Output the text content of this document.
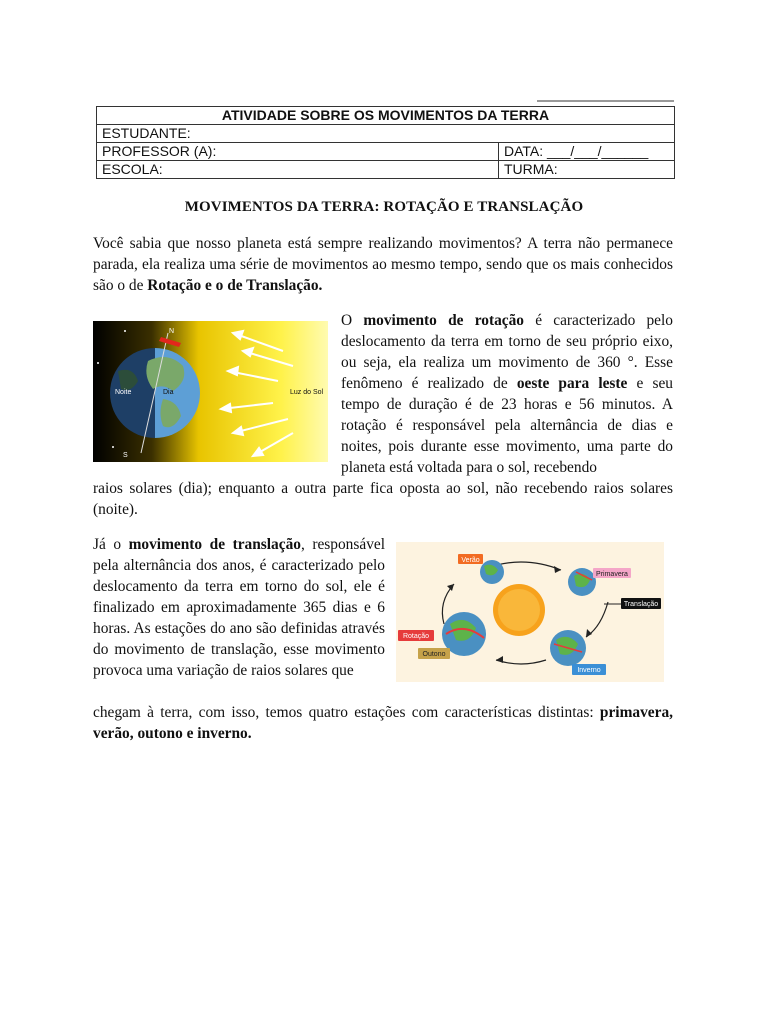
ATIVIDADE SOBRE OS MOVIMENTOS DA TERRA	
ESTUDANTE:	
PROFESSOR (A):	DATA: ___/___/______
ESCOLA:	TURMA:
MOVIMENTOS DA TERRA: ROTAÇÃO E TRANSLAÇÃO
Você sabia que nosso planeta está sempre realizando movimentos? A terra não permanece parada, ela realiza uma série de movimentos ao mesmo tempo, sendo que os mais conhecidos são o de Rotação e o de Translação.
N
S
Noite	Dia	Luz do Sol
O movimento de rotação é caracterizado pelo deslocamento da terra em torno de seu próprio eixo, ou seja, ela realiza um movimento de 360 °. Esse fenômeno é realizado de oeste para leste e seu tempo de duração é de 23 horas e 56 minutos. A rotação é responsável pela alternância de dias e noites, pois durante esse movimento, uma parte do planeta está voltada para o sol, recebendo
raios solares (dia); enquanto a outra parte fica oposta ao sol, não recebendo raios solares (noite).
Já o movimento de translação, responsável pela alternância dos anos, é caracterizado pelo deslocamento da terra em torno do sol, ele é finalizado em aproximadamente 365 dias e 6 horas. As estações do ano são definidas através do movimento de translação, esse movimento provoca uma variação de raios solares que
chegam à terra, com isso, temos quatro estações com características distintas: primavera, verão, outono e inverno.
Verão
Primavera
Translação
Rotação
Outono
Inverno
